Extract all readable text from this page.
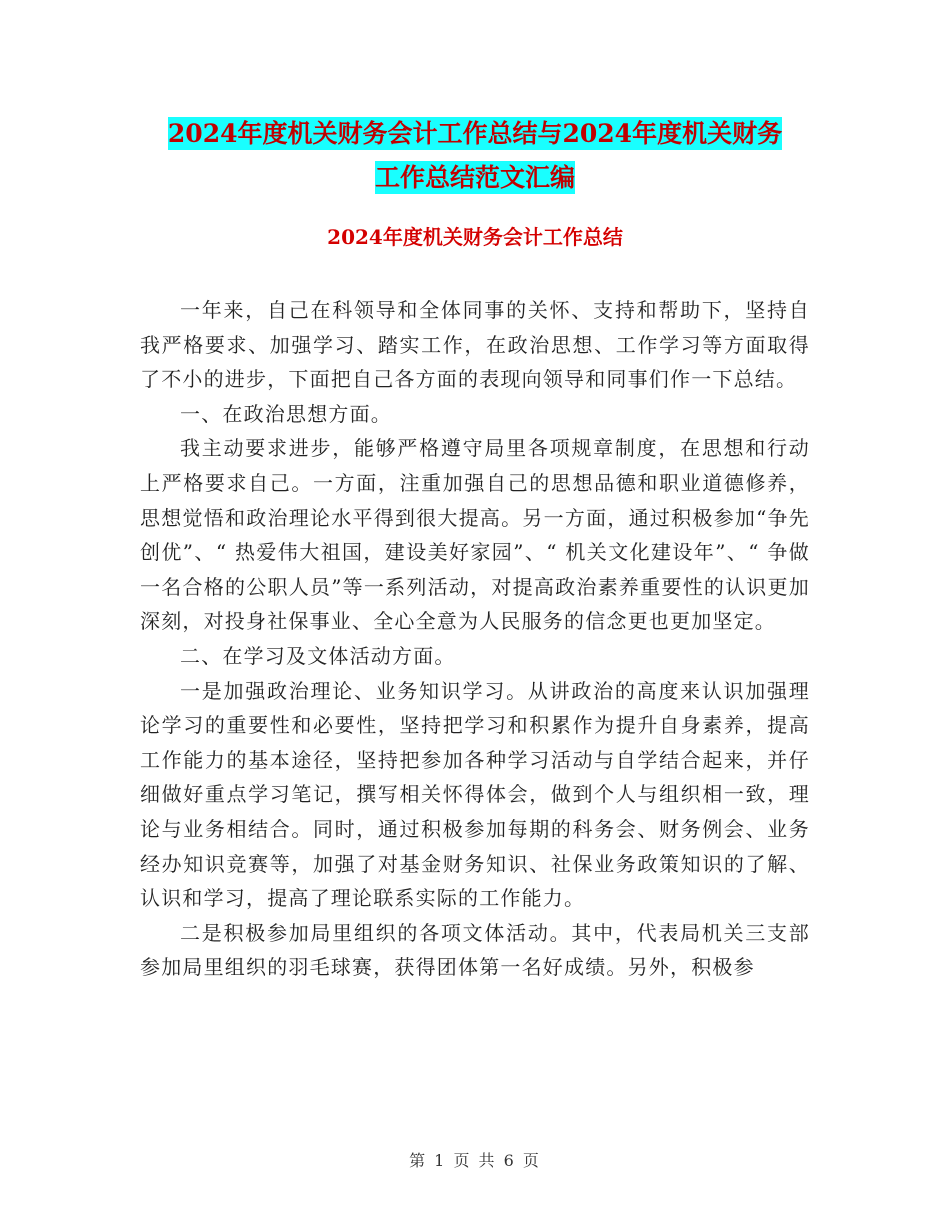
2024年度机关财务会计工作总结与2024年度机关财务
工作总结范文汇编
2024年度机关财务会计工作总结

一年来，自己在科领导和全体同事的关怀、支持和帮助下，坚持自我严格要求、加强学习、踏实工作，在政治思想、工作学习等方面取得了不小的进步，下面把自己各方面的表现向领导和同事们作一下总结。

一、在政治思想方面。

我主动要求进步，能够严格遵守局里各项规章制度，在思想和行动上严格要求自己。一方面，注重加强自己的思想品德和职业道德修养，思想觉悟和政治理论水平得到很大提高。另一方面，通过积极参加“争先创优”、“ 热爱伟大祖国，建设美好家园”、“ 机关文化建设年”、“ 争做一名合格的公职人员”等一系列活动，对提高政治素养重要性的认识更加深刻，对投身社保事业、全心全意为人民服务的信念更也更加坚定。

二、在学习及文体活动方面。

一是加强政治理论、业务知识学习。从讲政治的高度来认识加强理论学习的重要性和必要性，坚持把学习和积累作为提升自身素养，提高工作能力的基本途径，坚持把参加各种学习活动与自学结合起来，并仔细做好重点学习笔记，撰写相关怀得体会，做到个人与组织相一致，理论与业务相结合。同时，通过积极参加每期的科务会、财务例会、业务经办知识竞赛等，加强了对基金财务知识、社保业务政策知识的了解、认识和学习，提高了理论联系实际的工作能力。

二是积极参加局里组织的各项文体活动。其中，代表局机关三支部参加局里组织的羽毛球赛，获得团体第一名好成绩。另外，积极参

第 1 页 共 6 页
